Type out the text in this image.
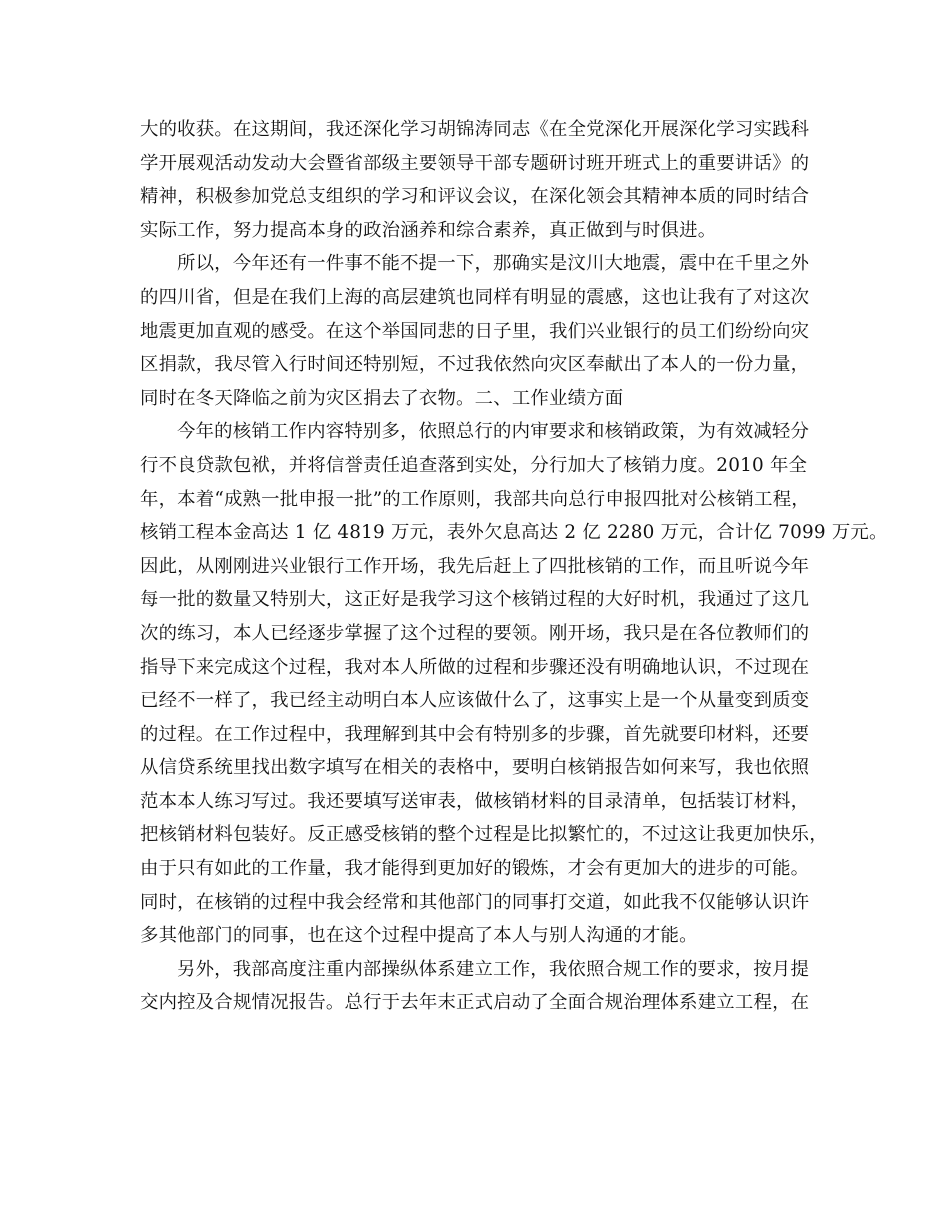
大的收获。在这期间，我还深化学习胡锦涛同志《在全党深化开展深化学习实践科
学开展观活动发动大会暨省部级主要领导干部专题研讨班开班式上的重要讲话》的
精神，积极参加党总支组织的学习和评议会议，在深化领会其精神本质的同时结合
实际工作，努力提高本身的政治涵养和综合素养，真正做到与时俱进。
所以，今年还有一件事不能不提一下，那确实是汶川大地震，震中在千里之外
的四川省，但是在我们上海的高层建筑也同样有明显的震感，这也让我有了对这次
地震更加直观的感受。在这个举国同悲的日子里，我们兴业银行的员工们纷纷向灾
区捐款，我尽管入行时间还特别短，不过我依然向灾区奉献出了本人的一份力量，
同时在冬天降临之前为灾区捐去了衣物。二、工作业绩方面
今年的核销工作内容特别多，依照总行的内审要求和核销政策，为有效减轻分
行不良贷款包袱，并将信誉责任追查落到实处，分行加大了核销力度。2010 年全
年，本着“成熟一批申报一批”的工作原则，我部共向总行申报四批对公核销工程，
核销工程本金高达 1 亿 4819 万元，表外欠息高达 2 亿 2280 万元，合计亿 7099 万元。
因此，从刚刚进兴业银行工作开场，我先后赶上了四批核销的工作，而且听说今年
每一批的数量又特别大，这正好是我学习这个核销过程的大好时机，我通过了这几
次的练习，本人已经逐步掌握了这个过程的要领。刚开场，我只是在各位教师们的
指导下来完成这个过程，我对本人所做的过程和步骤还没有明确地认识，不过现在
已经不一样了，我已经主动明白本人应该做什么了，这事实上是一个从量变到质变
的过程。在工作过程中，我理解到其中会有特别多的步骤，首先就要印材料，还要
从信贷系统里找出数字填写在相关的表格中，要明白核销报告如何来写，我也依照
范本本人练习写过。我还要填写送审表，做核销材料的目录清单，包括装订材料，
把核销材料包装好。反正感受核销的整个过程是比拟繁忙的，不过这让我更加快乐，
由于只有如此的工作量，我才能得到更加好的锻炼，才会有更加大的进步的可能。
同时，在核销的过程中我会经常和其他部门的同事打交道，如此我不仅能够认识许
多其他部门的同事，也在这个过程中提高了本人与别人沟通的才能。
另外，我部高度注重内部操纵体系建立工作，我依照合规工作的要求，按月提
交内控及合规情况报告。总行于去年末正式启动了全面合规治理体系建立工程，在
